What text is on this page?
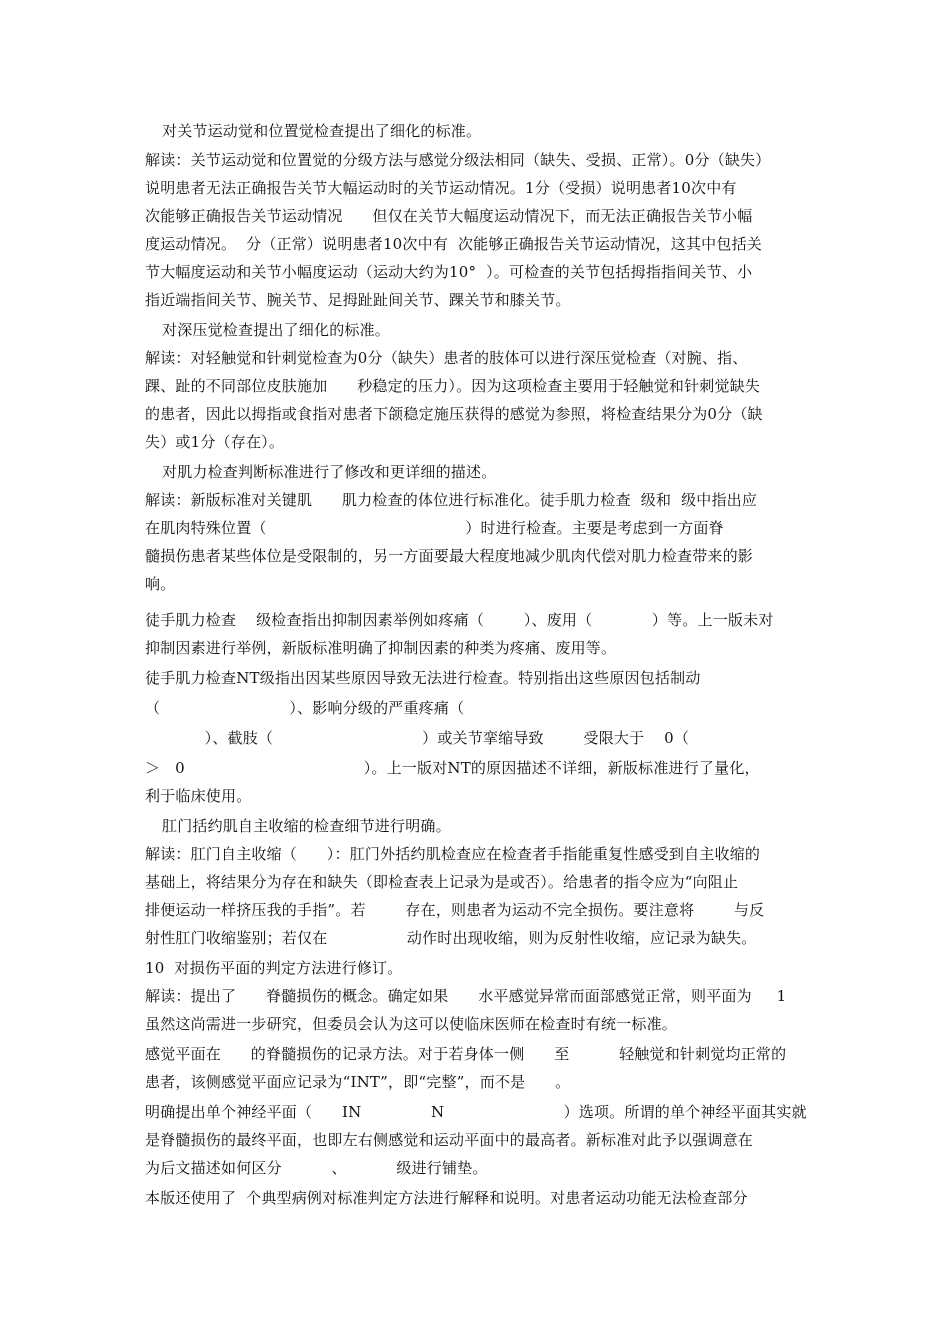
对关节运动觉和位置觉检查提出了细化的标准。
解读：关节运动觉和位置觉的分级方法与感觉分级法相同（缺失、受损、正常）。0分（缺失）
说明患者无法正确报告关节大幅运动时的关节运动情况。1分（受损）说明患者10次中有
次能够正确报告关节运动情况      但仅在关节大幅度运动情况下，而无法正确报告关节小幅
度运动情况。  分（正常）说明患者10次中有  次能够正确报告关节运动情况，这其中包括关
节大幅度运动和关节小幅度运动（运动大约为10°  ）。可检查的关节包括拇指指间关节、小
指近端指间关节、腕关节、足拇趾趾间关节、踝关节和膝关节。
对深压觉检查提出了细化的标准。
解读：对轻触觉和针刺觉检查为0分（缺失）患者的肢体可以进行深压觉检查（对腕、指、
踝、趾的不同部位皮肤施加      秒稳定的压力）。因为这项检查主要用于轻触觉和针刺觉缺失
的患者，因此以拇指或食指对患者下颌稳定施压获得的感觉为参照，将检查结果分为0分（缺
失）或1分（存在）。
对肌力检查判断标准进行了修改和更详细的描述。
解读：新版标准对关键肌      肌力检查的体位进行标准化。徒手肌力检查  级和  级中指出应
在肌肉特殊位置（                                        ）时进行检查。主要是考虑到一方面脊
髓损伤患者某些体位是受限制的，另一方面要最大程度地减少肌肉代偿对肌力检查带来的影
响。
徒手肌力检查    级检查指出抑制因素举例如疼痛（        ）、废用（            ）等。上一版未对
抑制因素进行举例，新版标准明确了抑制因素的种类为疼痛、废用等。
徒手肌力检查NT级指出因某些原因导致无法进行检查。特别指出这些原因包括制动
（                          ）、影响分级的严重疼痛（
）、截肢（                              ）或关节挛缩导致        受限大于    0（
＞   0                                    ）。上一版对NT的原因描述不详细，新版标准进行了量化，
利于临床使用。
肛门括约肌自主收缩的检查细节进行明确。
解读：肛门自主收缩（      ）：肛门外括约肌检查应在检查者手指能重复性感受到自主收缩的
基础上，将结果分为存在和缺失（即检查表上记录为是或否）。给患者的指令应为“向阻止
排便运动一样挤压我的手指”。若        存在，则患者为运动不完全损伤。要注意将        与反
射性肛门收缩鉴别；若仅在                动作时出现收缩，则为反射性收缩，应记录为缺失。
10  对损伤平面的判定方法进行修订。
解读：提出了      脊髓损伤的概念。确定如果      水平感觉异常而面部感觉正常，则平面为     1
虽然这尚需进一步研究，但委员会认为这可以使临床医师在检查时有统一标准。
感觉平面在      的脊髓损伤的记录方法。对于若身体一侧      至          轻触觉和针刺觉均正常的
患者，该侧感觉平面应记录为“INT”，即“完整”，而不是      。
明确提出单个神经平面（      IN              N                        ）选项。所谓的单个神经平面其实就
是脊髓损伤的最终平面，也即左右侧感觉和运动平面中的最高者。新标准对此予以强调意在
为后文描述如何区分          、          级进行铺垫。
本版还使用了  个典型病例对标准判定方法进行解释和说明。对患者运动功能无法检查部分
